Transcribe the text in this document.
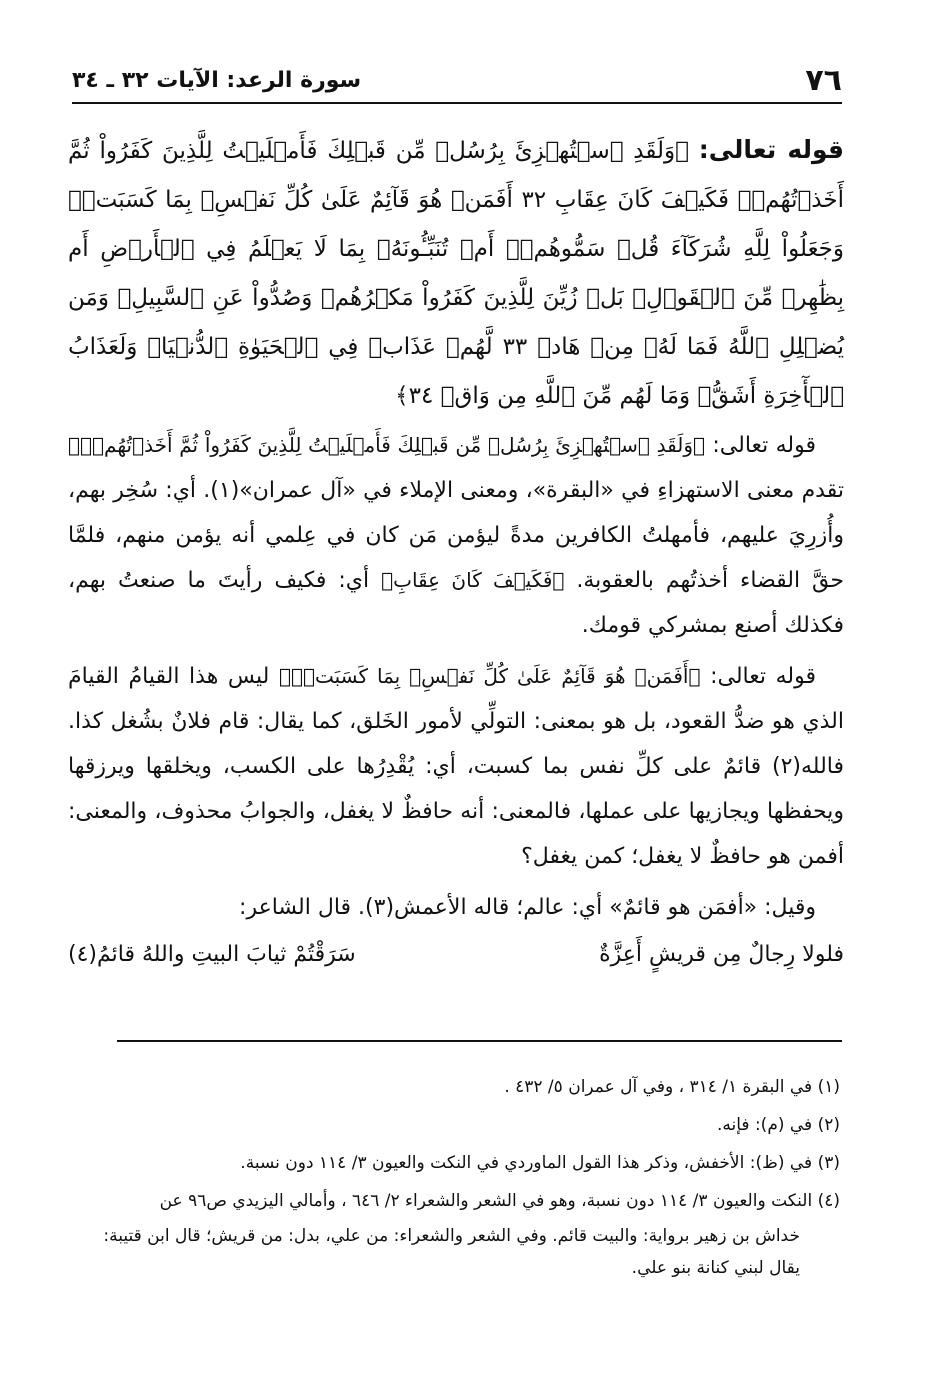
٧٦
سورة الرعد: الآيات ٣٢ ـ ٣٤

قوله تعالى: ﴿وَلَقَدِ ٱسۡتُهۡزِئَ بِرُسُلٖ مِّن قَبۡلِكَ فَأَمۡلَيۡتُ لِلَّذِينَ كَفَرُواْ ثُمَّ أَخَذۡتُهُمۡۖ فَكَيۡفَ كَانَ عِقَابِ ٣٢ أَفَمَنۡ هُوَ قَآئِمٌ عَلَىٰ كُلِّ نَفۡسِۭ بِمَا كَسَبَتۡۗ وَجَعَلُواْ لِلَّهِ شُرَكَآءَ قُلۡ سَمُّوهُمۡۚ أَمۡ تُنَبِّـُٔونَهُۥ بِمَا لَا يَعۡلَمُ فِي ٱلۡأَرۡضِ أَم بِظَٰهِرٖ مِّنَ ٱلۡقَوۡلِۗ بَلۡ زُيِّنَ لِلَّذِينَ كَفَرُواْ مَكۡرُهُمۡ وَصُدُّواْ عَنِ ٱلسَّبِيلِۗ وَمَن يُضۡلِلِ ٱللَّهُ فَمَا لَهُۥ مِنۡ هَادٖ ٣٣ لَّهُمۡ عَذَابٞ فِي ٱلۡحَيَوٰةِ ٱلدُّنۡيَاۖ وَلَعَذَابُ ٱلۡأٓخِرَةِ أَشَقُّۖ وَمَا لَهُم مِّنَ ٱللَّهِ مِن وَاقٖ ٣٤﴾

قوله تعالى: ﴿وَلَقَدِ ٱسۡتُهۡزِئَ بِرُسُلٖ مِّن قَبۡلِكَ فَأَمۡلَيۡتُ لِلَّذِينَ كَفَرُواْ ثُمَّ أَخَذۡتُهُمۡۖ﴾ تقدم معنى الاستهزاءِ في «البقرة»، ومعنى الإملاء في «آل عمران»(١). أي: سُخِر بهم، وأُزرِيَ عليهم، فأمهلتُ الكافرين مدةً ليؤمن مَن كان في عِلمي أنه يؤمن منهم، فلمَّا حقَّ القضاء أخذتُهم بالعقوبة. ﴿فَكَيۡفَ كَانَ عِقَابِ﴾ أي: فكيف رأيتَ ما صنعتُ بهم، فكذلك أصنع بمشركي قومك.

قوله تعالى: ﴿أَفَمَنۡ هُوَ قَآئِمٌ عَلَىٰ كُلِّ نَفۡسِۭ بِمَا كَسَبَتۡۗ﴾ ليس هذا القيامُ القيامَ الذي هو ضدُّ القعود، بل هو بمعنى: التولِّي لأمور الخَلق، كما يقال: قام فلانٌ بشُغل كذا. فالله(٢) قائمٌ على كلِّ نفس بما كسبت، أي: يُقْدِرُها على الكسب، ويخلقها ويرزقها ويحفظها ويجازيها على عملها، فالمعنى: أنه حافظٌ لا يغفل، والجوابُ محذوف، والمعنى: أفمن هو حافظٌ لا يغفل؛ كمن يغفل؟

وقيل: «أفمَن هو قائمٌ» أي: عالم؛ قاله الأعمش(٣). قال الشاعر:

فلولا رِجالٌ مِن قريشٍ أَعِزَّةٌ
سَرَقْتُمْ ثيابَ البيتِ واللهُ قائمُ(٤)

(١) في البقرة ١/ ٣١٤ ، وفي آل عمران ٥/ ٤٣٢ .

(٢) في (م): فإنه.

(٣) في (ظ): الأخفش، وذكر هذا القول الماوردي في النكت والعيون ٣/ ١١٤ دون نسبة.

(٤) النكت والعيون ٣/ ١١٤ دون نسبة، وهو في الشعر والشعراء ٢/ ٦٤٦ ، وأمالي اليزيدي ص٩٦ عن

خداش بن زهير برواية: والبيت قائم. وفي الشعر والشعراء: من علي، بدل: من قريش؛ قال ابن قتيبة:

يقال لبني كنانة بنو علي.
